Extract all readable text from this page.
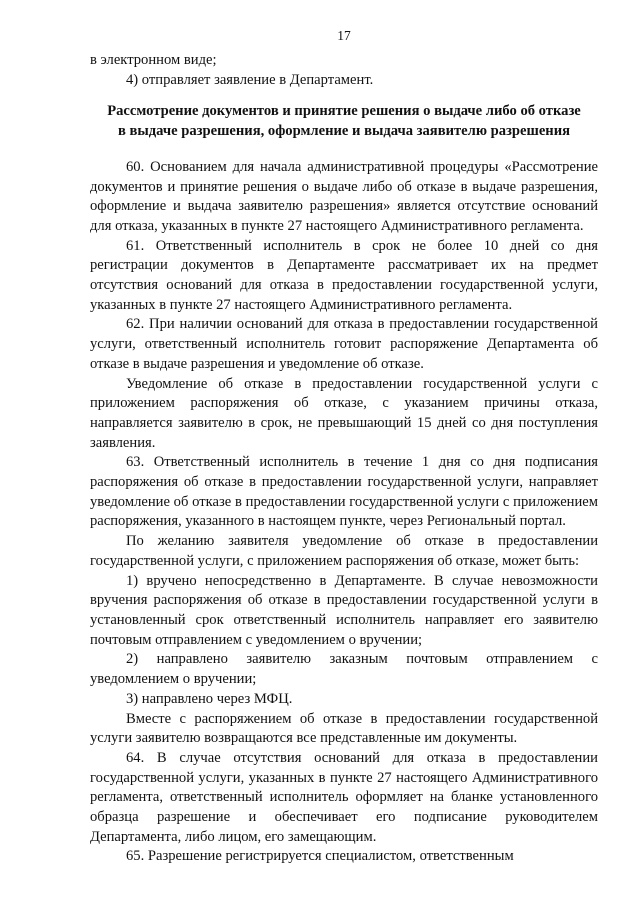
17

в электронном виде;

4) отправляет заявление в Департамент.

Рассмотрение документов и принятие решения о выдаче либо об отказе
в выдаче разрешения, оформление и выдача заявителю разрешения

60. Основанием для начала административной процедуры «Рассмотрение документов и принятие решения о выдаче либо об отказе в выдаче разрешения, оформление и выдача заявителю разрешения» является отсутствие оснований для отказа, указанных в пункте 27 настоящего Административного регламента.

61. Ответственный исполнитель в срок не более 10 дней со дня регистрации документов в Департаменте рассматривает их на предмет отсутствия оснований для отказа в предоставлении государственной услуги, указанных в пункте 27 настоящего Административного регламента.

62. При наличии оснований для отказа в предоставлении государственной услуги, ответственный исполнитель готовит распоряжение Департамента об отказе в выдаче разрешения и уведомление об отказе.

Уведомление об отказе в предоставлении государственной услуги с приложением распоряжения об отказе, с указанием причины отказа, направляется заявителю в срок, не превышающий 15 дней со дня поступления заявления.

63. Ответственный исполнитель в течение 1 дня со дня подписания распоряжения об отказе в предоставлении государственной услуги, направляет уведомление об отказе в предоставлении государственной услуги с приложением распоряжения, указанного в настоящем пункте, через Региональный портал.

По желанию заявителя уведомление об отказе в предоставлении государственной услуги, с приложением распоряжения об отказе, может быть:

1) вручено непосредственно в Департаменте. В случае невозможности вручения распоряжения об отказе в предоставлении государственной услуги в установленный срок ответственный исполнитель направляет его заявителю почтовым отправлением с уведомлением о вручении;

2) направлено заявителю заказным почтовым отправлением с уведомлением о вручении;

3) направлено через МФЦ.

Вместе с распоряжением об отказе в предоставлении государственной услуги заявителю возвращаются все представленные им документы.

64. В случае отсутствия оснований для отказа в предоставлении государственной услуги, указанных в пункте 27 настоящего Административного регламента, ответственный исполнитель оформляет на бланке установленного образца разрешение и обеспечивает его подписание руководителем Департамента, либо лицом, его замещающим.

65. Разрешение регистрируется специалистом, ответственным
